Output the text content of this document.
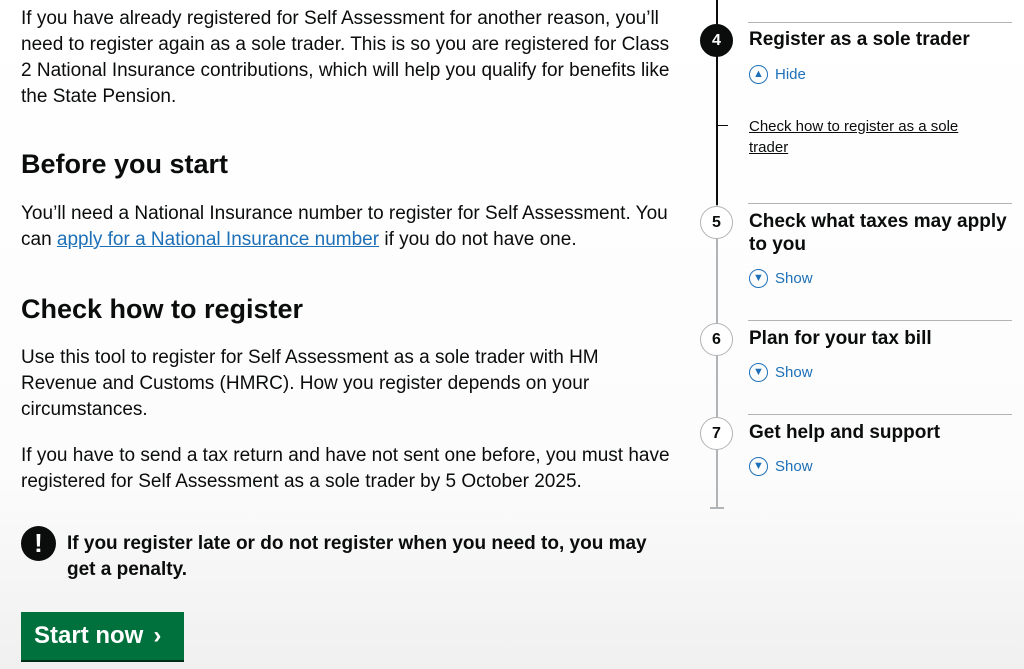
If you have already registered for Self Assessment for another reason, you’ll need to register again as a sole trader. This is so you are registered for Class 2 National Insurance contributions, which will help you qualify for benefits like the State Pension.

Before you start

You’ll need a National Insurance number to register for Self Assessment. You can apply for a National Insurance number if you do not have one.

Check how to register

Use this tool to register for Self Assessment as a sole trader with HM Revenue and Customs (HMRC). How you register depends on your circumstances.

If you have to send a tax return and have not sent one before, you must have registered for Self Assessment as a sole trader by 5 October 2025.

!	If you register late or do not register when you need to, you may get a penalty.
Start now ›
4	Register as a sole trader
▲ Hide
Check how to register as a sole trader
5	Check what taxes may apply to you
▼ Show
6	Plan for your tax bill
▼ Show
7	Get help and support
▼ Show
